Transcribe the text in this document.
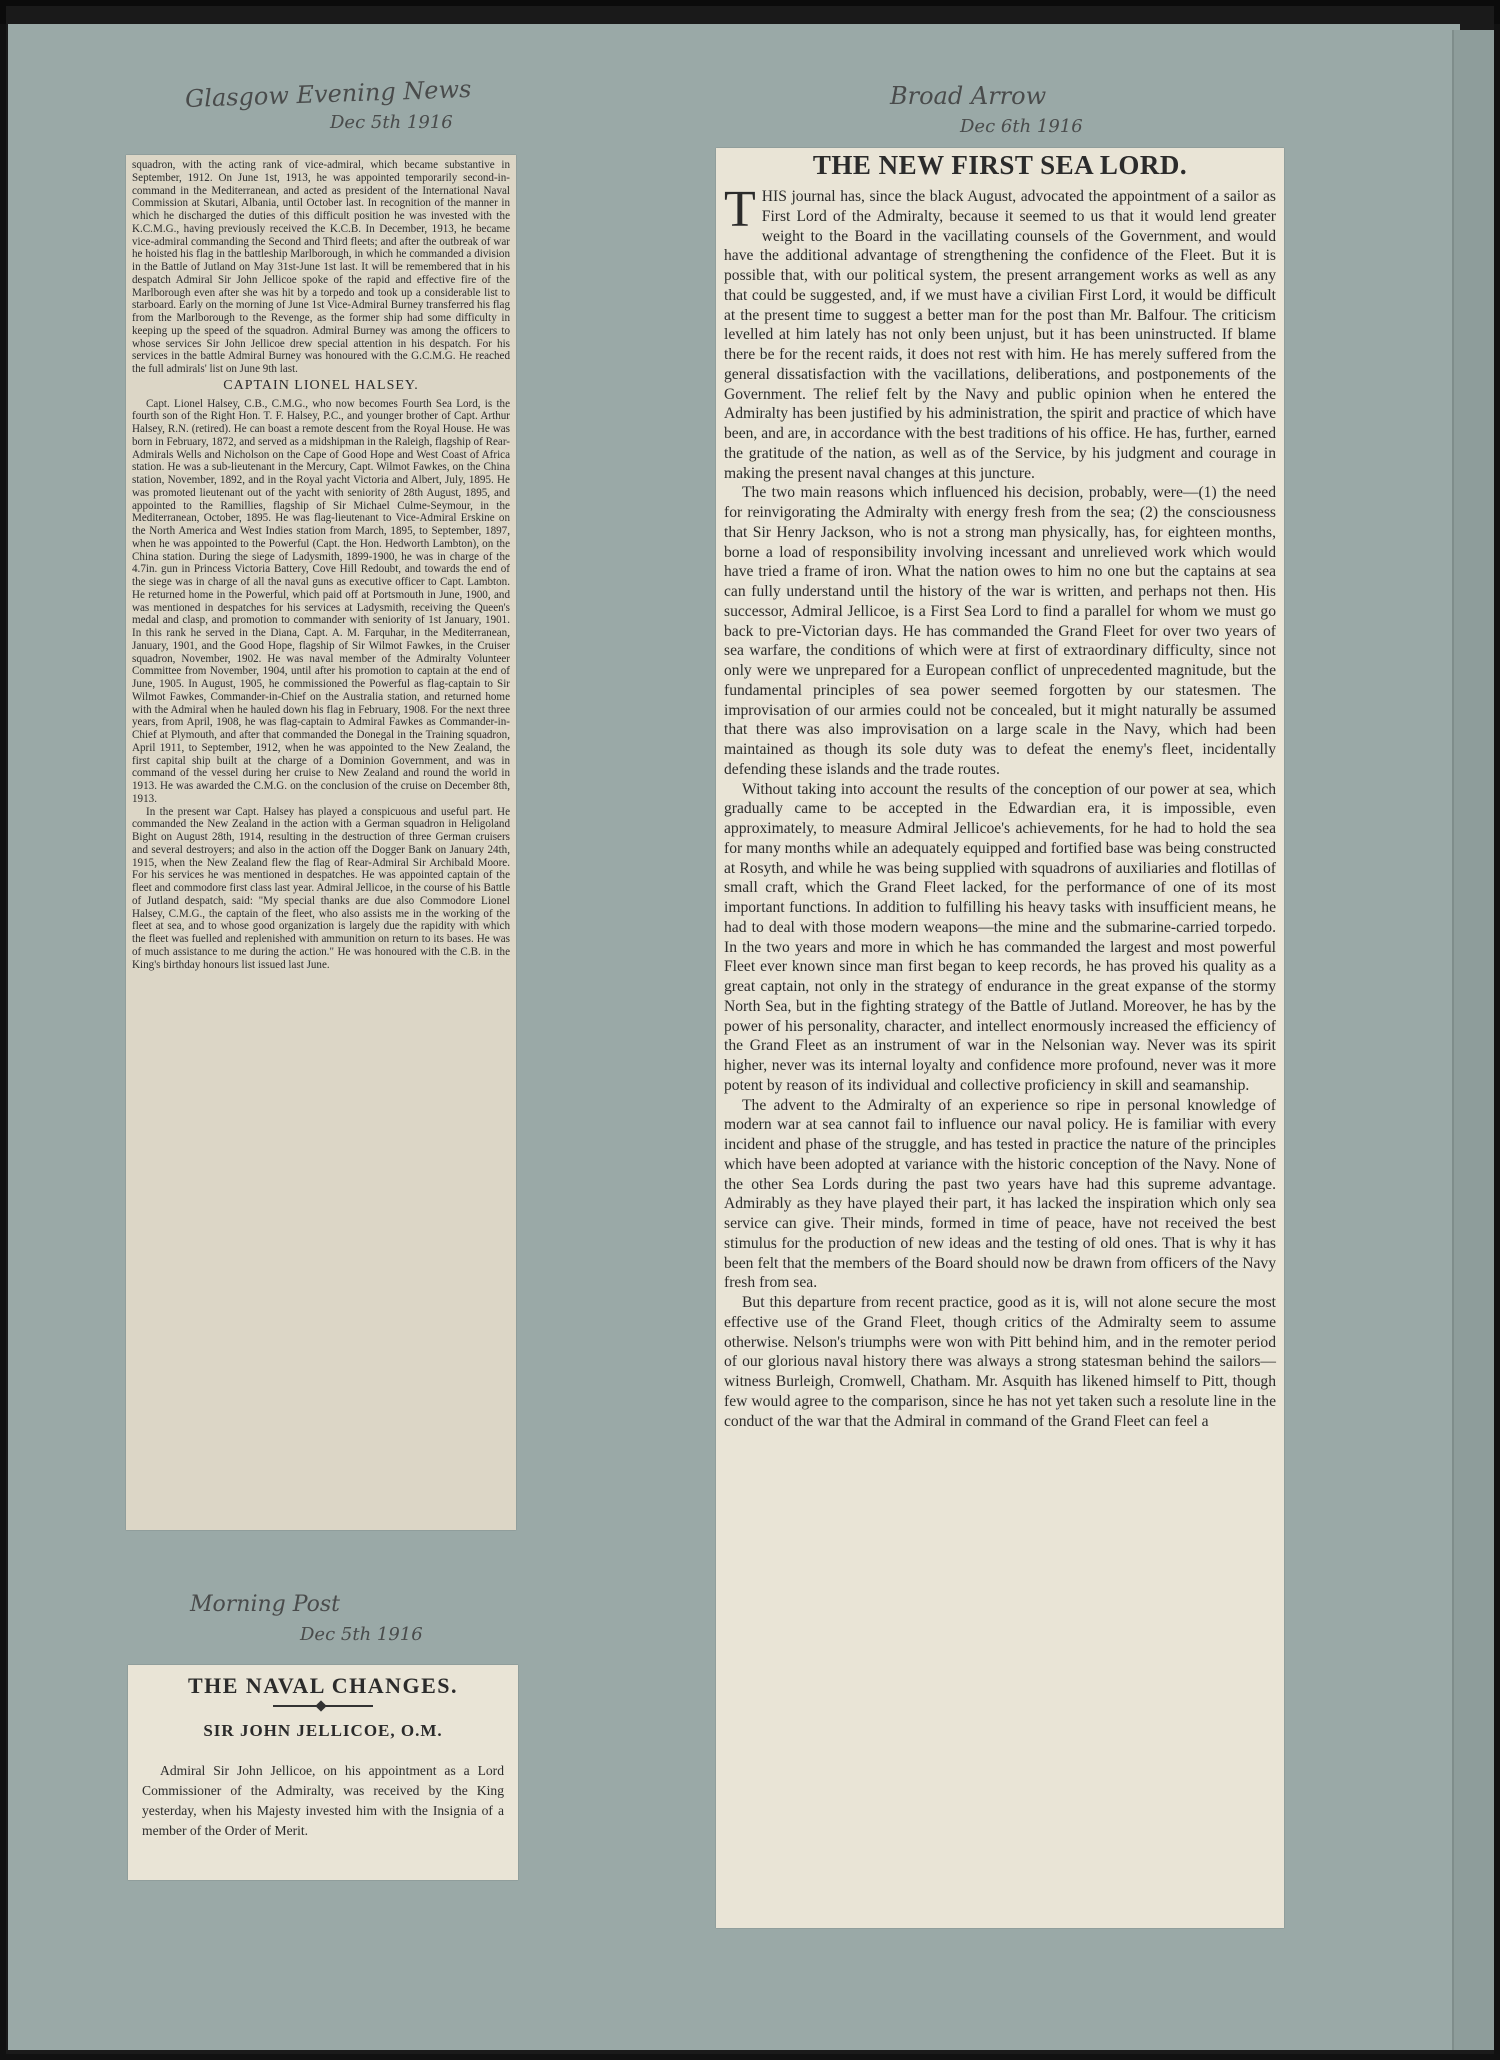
Glasgow Evening News
Dec 5th 1916
Broad Arrow
Dec 6th 1916
Morning Post
Dec 5th 1916

squadron, with the acting rank of vice-admiral, which became substantive in September, 1912. On June 1st, 1913, he was appointed temporarily second-in-command in the Mediterranean, and acted as president of the International Naval Commission at Skutari, Albania, until October last. In recognition of the manner in which he discharged the duties of this difficult position he was invested with the K.C.M.G., having previously received the K.C.B. In December, 1913, he became vice-admiral commanding the Second and Third fleets; and after the outbreak of war he hoisted his flag in the battleship Marlborough, in which he commanded a division in the Battle of Jutland on May 31st-June 1st last. It will be remembered that in his despatch Admiral Sir John Jellicoe spoke of the rapid and effective fire of the Marlborough even after she was hit by a torpedo and took up a considerable list to starboard. Early on the morning of June 1st Vice-Admiral Burney transferred his flag from the Marlborough to the Revenge, as the former ship had some difficulty in keeping up the speed of the squadron. Admiral Burney was among the officers to whose services Sir John Jellicoe drew special attention in his despatch. For his services in the battle Admiral Burney was honoured with the G.C.M.G. He reached the full admirals' list on June 9th last.

CAPTAIN LIONEL HALSEY.

Capt. Lionel Halsey, C.B., C.M.G., who now becomes Fourth Sea Lord, is the fourth son of the Right Hon. T. F. Halsey, P.C., and younger brother of Capt. Arthur Halsey, R.N. (retired). He can boast a remote descent from the Royal House. He was born in February, 1872, and served as a midshipman in the Raleigh, flagship of Rear-Admirals Wells and Nicholson on the Cape of Good Hope and West Coast of Africa station. He was a sub-lieutenant in the Mercury, Capt. Wilmot Fawkes, on the China station, November, 1892, and in the Royal yacht Victoria and Albert, July, 1895. He was promoted lieutenant out of the yacht with seniority of 28th August, 1895, and appointed to the Ramillies, flagship of Sir Michael Culme-Seymour, in the Mediterranean, October, 1895. He was flag-lieutenant to Vice-Admiral Erskine on the North America and West Indies station from March, 1895, to September, 1897, when he was appointed to the Powerful (Capt. the Hon. Hedworth Lambton), on the China station. During the siege of Ladysmith, 1899-1900, he was in charge of the 4.7in. gun in Princess Victoria Battery, Cove Hill Redoubt, and towards the end of the siege was in charge of all the naval guns as executive officer to Capt. Lambton. He returned home in the Powerful, which paid off at Portsmouth in June, 1900, and was mentioned in despatches for his services at Ladysmith, receiving the Queen's medal and clasp, and promotion to commander with seniority of 1st January, 1901. In this rank he served in the Diana, Capt. A. M. Farquhar, in the Mediterranean, January, 1901, and the Good Hope, flagship of Sir Wilmot Fawkes, in the Cruiser squadron, November, 1902. He was naval member of the Admiralty Volunteer Committee from November, 1904, until after his promotion to captain at the end of June, 1905. In August, 1905, he commissioned the Powerful as flag-captain to Sir Wilmot Fawkes, Commander-in-Chief on the Australia station, and returned home with the Admiral when he hauled down his flag in February, 1908. For the next three years, from April, 1908, he was flag-captain to Admiral Fawkes as Commander-in-Chief at Plymouth, and after that commanded the Donegal in the Training squadron, April 1911, to September, 1912, when he was appointed to the New Zealand, the first capital ship built at the charge of a Dominion Government, and was in command of the vessel during her cruise to New Zealand and round the world in 1913. He was awarded the C.M.G. on the conclusion of the cruise on December 8th, 1913.

In the present war Capt. Halsey has played a conspicuous and useful part. He commanded the New Zealand in the action with a German squadron in Heligoland Bight on August 28th, 1914, resulting in the destruction of three German cruisers and several destroyers; and also in the action off the Dogger Bank on January 24th, 1915, when the New Zealand flew the flag of Rear-Admiral Sir Archibald Moore. For his services he was mentioned in despatches. He was appointed captain of the fleet and commodore first class last year. Admiral Jellicoe, in the course of his Battle of Jutland despatch, said: "My special thanks are due also Commodore Lionel Halsey, C.M.G., the captain of the fleet, who also assists me in the working of the fleet at sea, and to whose good organization is largely due the rapidity with which the fleet was fuelled and replenished with ammunition on return to its bases. He was of much assistance to me during the action." He was honoured with the C.B. in the King's birthday honours list issued last June.

THE NAVAL CHANGES.
SIR JOHN JELLICOE, O.M.

Admiral Sir John Jellicoe, on his appointment as a Lord Commissioner of the Admiralty, was received by the King yesterday, when his Majesty invested him with the Insignia of a member of the Order of Merit.

THE NEW FIRST SEA LORD.

THIS journal has, since the black August, advocated the appointment of a sailor as First Lord of the Admiralty, because it seemed to us that it would lend greater weight to the Board in the vacillating counsels of the Government, and would have the additional advantage of strengthening the confidence of the Fleet. But it is possible that, with our political system, the present arrangement works as well as any that could be suggested, and, if we must have a civilian First Lord, it would be difficult at the present time to suggest a better man for the post than Mr. Balfour. The criticism levelled at him lately has not only been unjust, but it has been uninstructed. If blame there be for the recent raids, it does not rest with him. He has merely suffered from the general dissatisfaction with the vacillations, deliberations, and postponements of the Government. The relief felt by the Navy and public opinion when he entered the Admiralty has been justified by his administration, the spirit and practice of which have been, and are, in accordance with the best traditions of his office. He has, further, earned the gratitude of the nation, as well as of the Service, by his judgment and courage in making the present naval changes at this juncture.

The two main reasons which influenced his decision, probably, were—(1) the need for reinvigorating the Admiralty with energy fresh from the sea; (2) the consciousness that Sir Henry Jackson, who is not a strong man physically, has, for eighteen months, borne a load of responsibility involving incessant and unrelieved work which would have tried a frame of iron. What the nation owes to him no one but the captains at sea can fully understand until the history of the war is written, and perhaps not then. His successor, Admiral Jellicoe, is a First Sea Lord to find a parallel for whom we must go back to pre-Victorian days. He has commanded the Grand Fleet for over two years of sea warfare, the conditions of which were at first of extraordinary difficulty, since not only were we unprepared for a European conflict of unprecedented magnitude, but the fundamental principles of sea power seemed forgotten by our statesmen. The improvisation of our armies could not be concealed, but it might naturally be assumed that there was also improvisation on a large scale in the Navy, which had been maintained as though its sole duty was to defeat the enemy's fleet, incidentally defending these islands and the trade routes.

Without taking into account the results of the conception of our power at sea, which gradually came to be accepted in the Edwardian era, it is impossible, even approximately, to measure Admiral Jellicoe's achievements, for he had to hold the sea for many months while an adequately equipped and fortified base was being constructed at Rosyth, and while he was being supplied with squadrons of auxiliaries and flotillas of small craft, which the Grand Fleet lacked, for the performance of one of its most important functions. In addition to fulfilling his heavy tasks with insufficient means, he had to deal with those modern weapons—the mine and the submarine-carried torpedo. In the two years and more in which he has commanded the largest and most powerful Fleet ever known since man first began to keep records, he has proved his quality as a great captain, not only in the strategy of endurance in the great expanse of the stormy North Sea, but in the fighting strategy of the Battle of Jutland. Moreover, he has by the power of his personality, character, and intellect enormously increased the efficiency of the Grand Fleet as an instrument of war in the Nelsonian way. Never was its spirit higher, never was its internal loyalty and confidence more profound, never was it more potent by reason of its individual and collective proficiency in skill and seamanship.

The advent to the Admiralty of an experience so ripe in personal knowledge of modern war at sea cannot fail to influence our naval policy. He is familiar with every incident and phase of the struggle, and has tested in practice the nature of the principles which have been adopted at variance with the historic conception of the Navy. None of the other Sea Lords during the past two years have had this supreme advantage. Admirably as they have played their part, it has lacked the inspiration which only sea service can give. Their minds, formed in time of peace, have not received the best stimulus for the production of new ideas and the testing of old ones. That is why it has been felt that the members of the Board should now be drawn from officers of the Navy fresh from sea.

But this departure from recent practice, good as it is, will not alone secure the most effective use of the Grand Fleet, though critics of the Admiralty seem to assume otherwise. Nelson's triumphs were won with Pitt behind him, and in the remoter period of our glorious naval history there was always a strong statesman behind the sailors—witness Burleigh, Cromwell, Chatham. Mr. Asquith has likened himself to Pitt, though few would agree to the comparison, since he has not yet taken such a resolute line in the conduct of the war that the Admiral in command of the Grand Fleet can feel a
